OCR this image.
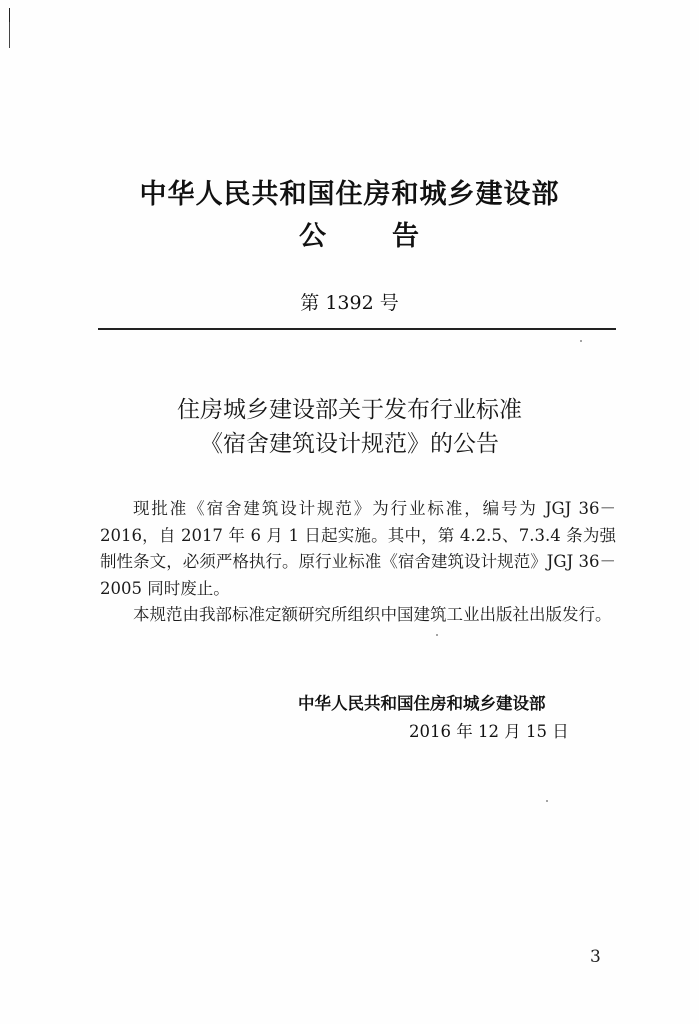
中华人民共和国住房和城乡建设部
公 告
第 1392 号
住房城乡建设部关于发布行业标准
《宿舍建筑设计规范》的公告

现批准《宿舍建筑设计规范》为行业标准，编号为 JGJ 36－2016，自 2017 年 6 月 1 日起实施。其中，第 4.2.5、7.3.4 条为强制性条文，必须严格执行。原行业标准《宿舍建筑设计规范》JGJ 36－2005 同时废止。

本规范由我部标准定额研究所组织中国建筑工业出版社出版发行。

中华人民共和国住房和城乡建设部
2016 年 12 月 15 日
3
